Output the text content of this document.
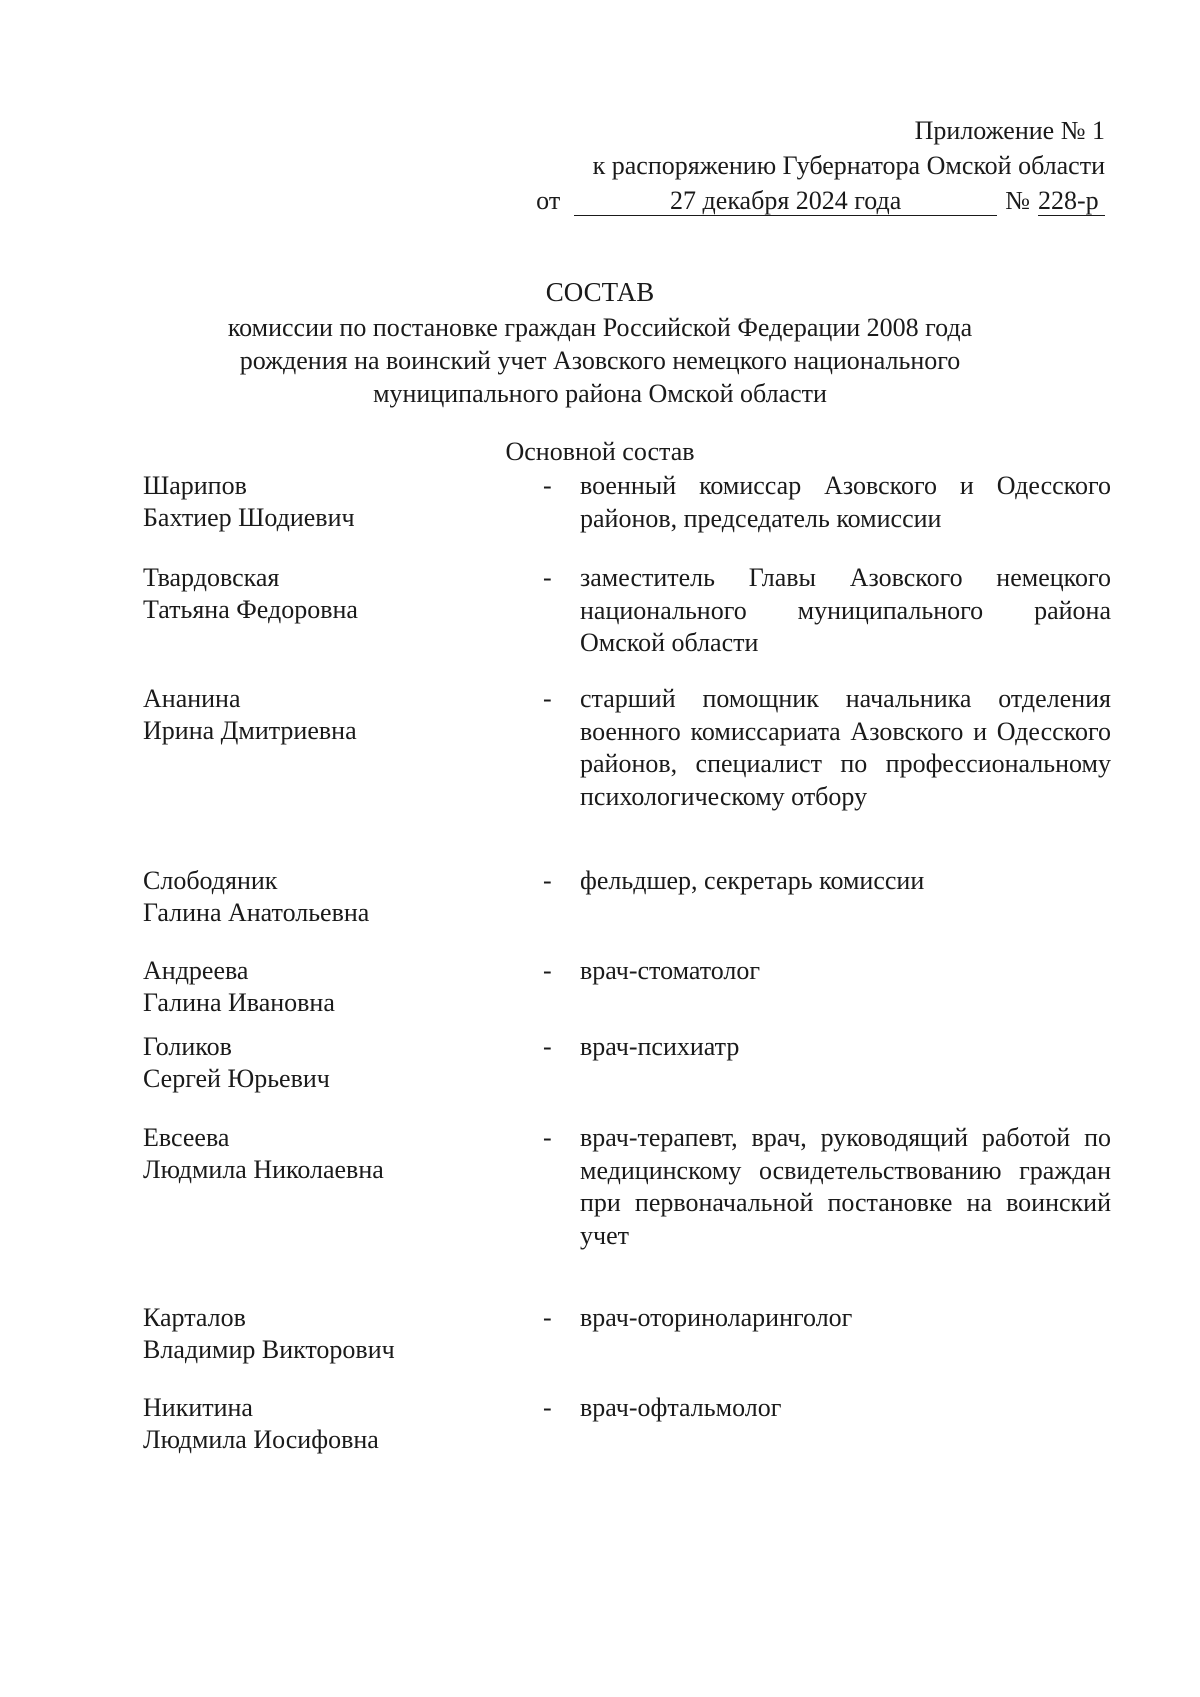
Приложение № 1
к распоряжению Губернатора Омской области
от	27 декабря 2024 года	№ 228-р
СОСТАВ
комиссии по постановке граждан Российской Федерации 2008 года
рождения на воинский учет Азовского немецкого национального
муниципального района Омской области
Основной состав
Шарипов
Бахтиер Шодиевич
- военный комиссар Азовского и Одесского районов, председатель комиссии
Твардовская
Татьяна Федоровна
- заместитель Главы Азовского немецкого национального муниципального района Омской области
Ананина
Ирина Дмитриевна
- старший помощник начальника отделения военного комиссариата Азовского и Одесского районов, специалист по профессиональному психологическому отбору
Слободяник
Галина Анатольевна
- фельдшер, секретарь комиссии
Андреева
Галина Ивановна
- врач-стоматолог
Голиков
Сергей Юрьевич
- врач-психиатр
Евсеева
Людмила Николаевна
- врач-терапевт, врач, руководящий работой по медицинскому освидетельствованию граждан при первоначальной постановке на воинский учет
Карталов
Владимир Викторович
- врач-оториноларинголог
Никитина
Людмила Иосифовна
- врач-офтальмолог
